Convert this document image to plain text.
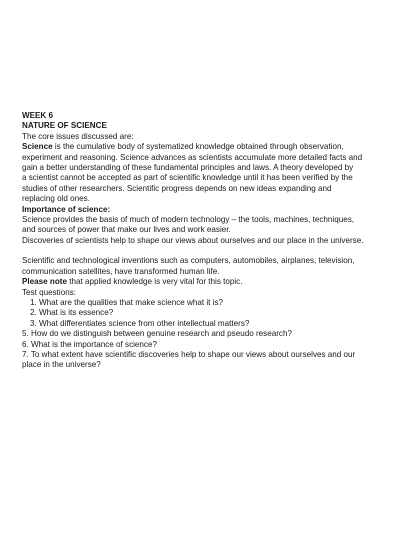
WEEK 6
NATURE OF SCIENCE
The core issues discussed are:
Science is the cumulative body of systematized knowledge obtained through observation,
experiment and reasoning. Science advances as scientists accumulate more detailed facts and
gain a better understanding of these fundamental principles and laws. A theory developed by
a scientist cannot be accepted as part of scientific knowledge until it has been verified by the
studies of other researchers. Scientific progress depends on new ideas expanding and
replacing old ones.
Importance of science:
Science provides the basis of much of modern technology – the tools, machines, techniques,
and sources of power that make our lives and work easier.
Discoveries of scientists help to shape our views about ourselves and our place in the universe.
Scientific and technological inventions such as computers, automobiles, airplanes, television,
communication satellites, have transformed human life.
Please note that applied knowledge is very vital for this topic.
Test questions:
1. What are the qualities that make science what it is?
2. What is its essence?
3. What differentiates science from other intellectual matters?
5. How do we distinguish between genuine research and pseudo research?
6. What is the importance of science?
7. To what extent have scientific discoveries help to shape our views about ourselves and our
place in the universe?
